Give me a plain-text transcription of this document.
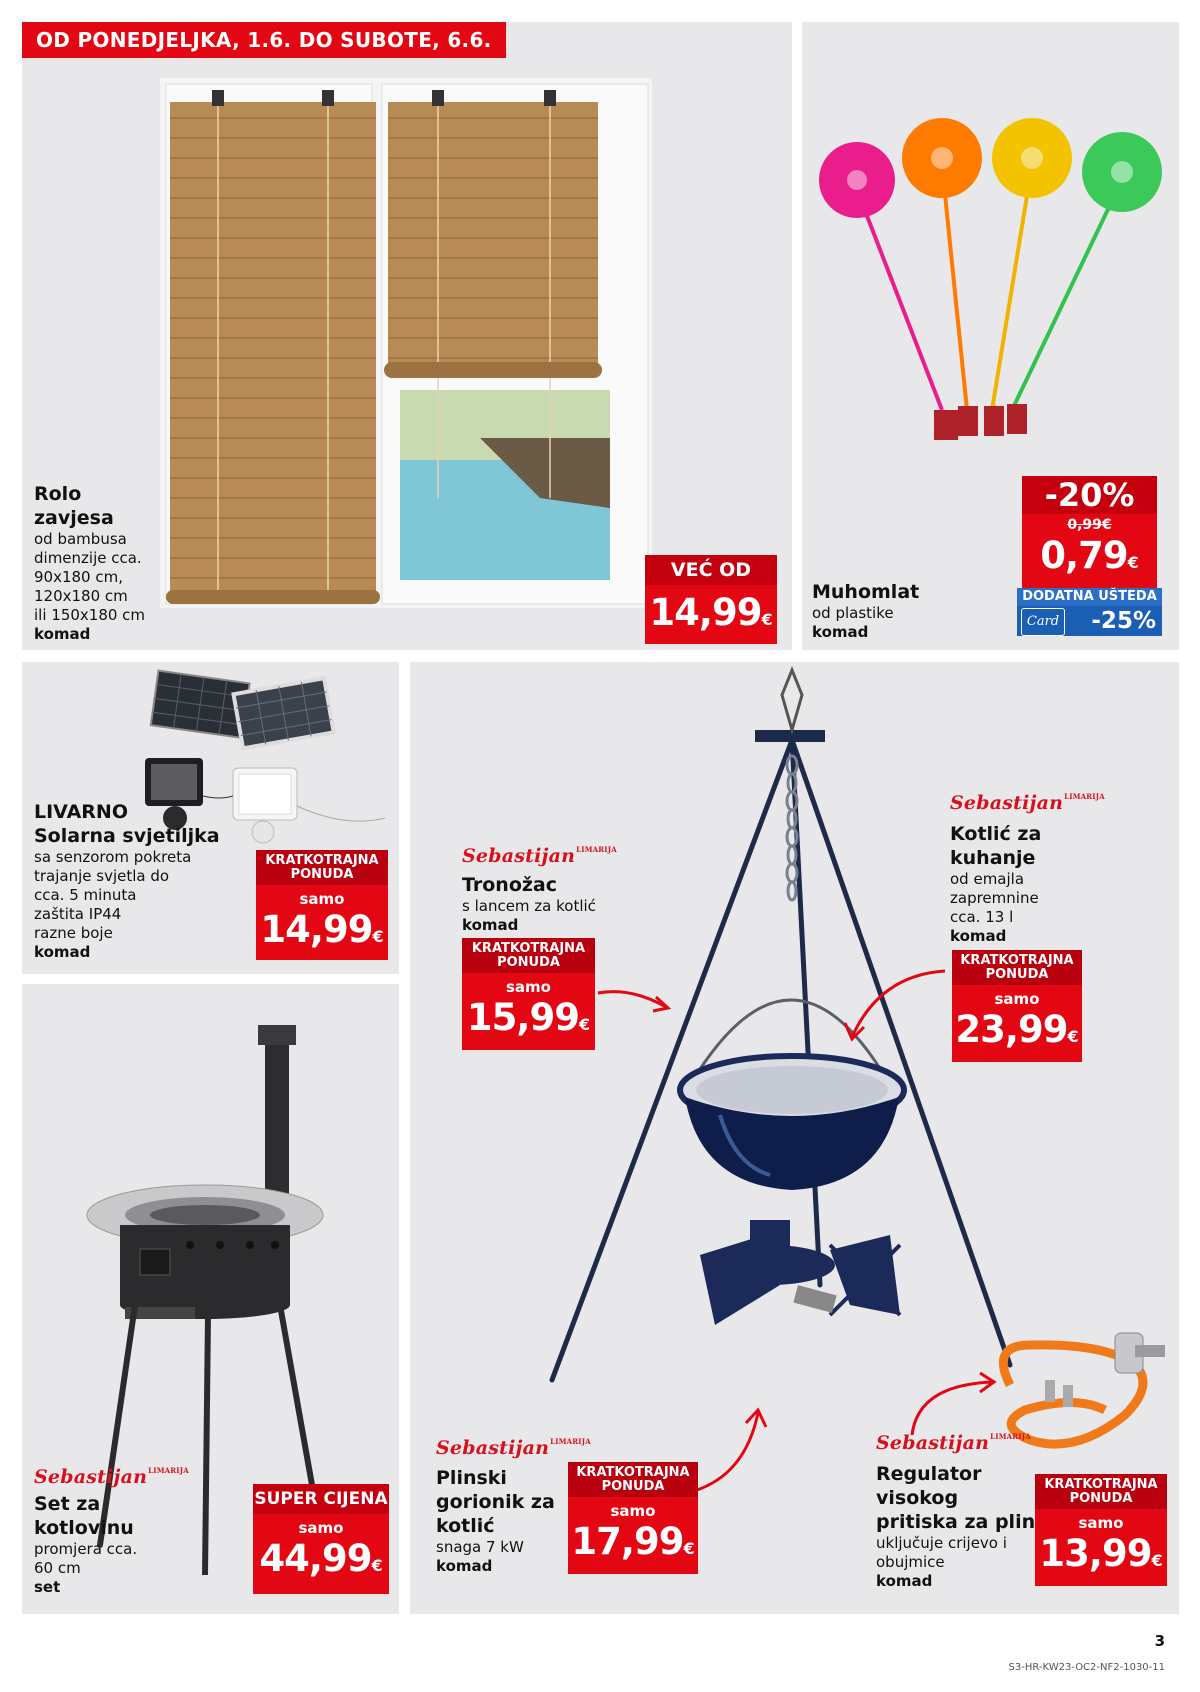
OD PONEDJELJKA, 1.6. DO SUBOTE, 6.6.
Rolo
zavjesa
od bambusa
dimenzije cca.
90x180 cm,
120x180 cm
ili 150x180 cm
komad
VEĆ OD
14,99€
Muhomlat
od plastike
komad
-20%
0,99€
0,79€
DODATNA UŠTEDA
Card -25%
LIVARNO
Solarna svjetiljka
sa senzorom pokreta
trajanje svjetla do
cca. 5 minuta
zaštita IP44
razne boje
komad
KRATKOTRAJNA PONUDA
samo
14,99€
Sebastijan$^{LIMARIJA}$
Set za
kotlovinu
promjera cca.
60 cm
set
SUPER CIJENA
samo
44,99€
Sebastijan$^{LIMARIJA}$
Tronožac
s lancem za kotlić
komad
KRATKOTRAJNA PONUDA
samo
15,99€
Sebastijan$^{LIMARIJA}$
Kotlić za
kuhanje
od emajla
zapremnine
cca. 13 l
komad
KRATKOTRAJNA PONUDA
samo
23,99€
Sebastijan$^{LIMARIJA}$
Plinski
gorionik za
kotlić
snaga 7 kW
komad
KRATKOTRAJNA PONUDA
samo
17,99€
Sebastijan$^{LIMARIJA}$
Regulator
visokog
pritiska za plin
uključuje crijevo i
obujmice
komad
KRATKOTRAJNA PONUDA
samo
13,99€
3
S3-HR-KW23-OC2-NF2-1030-11
